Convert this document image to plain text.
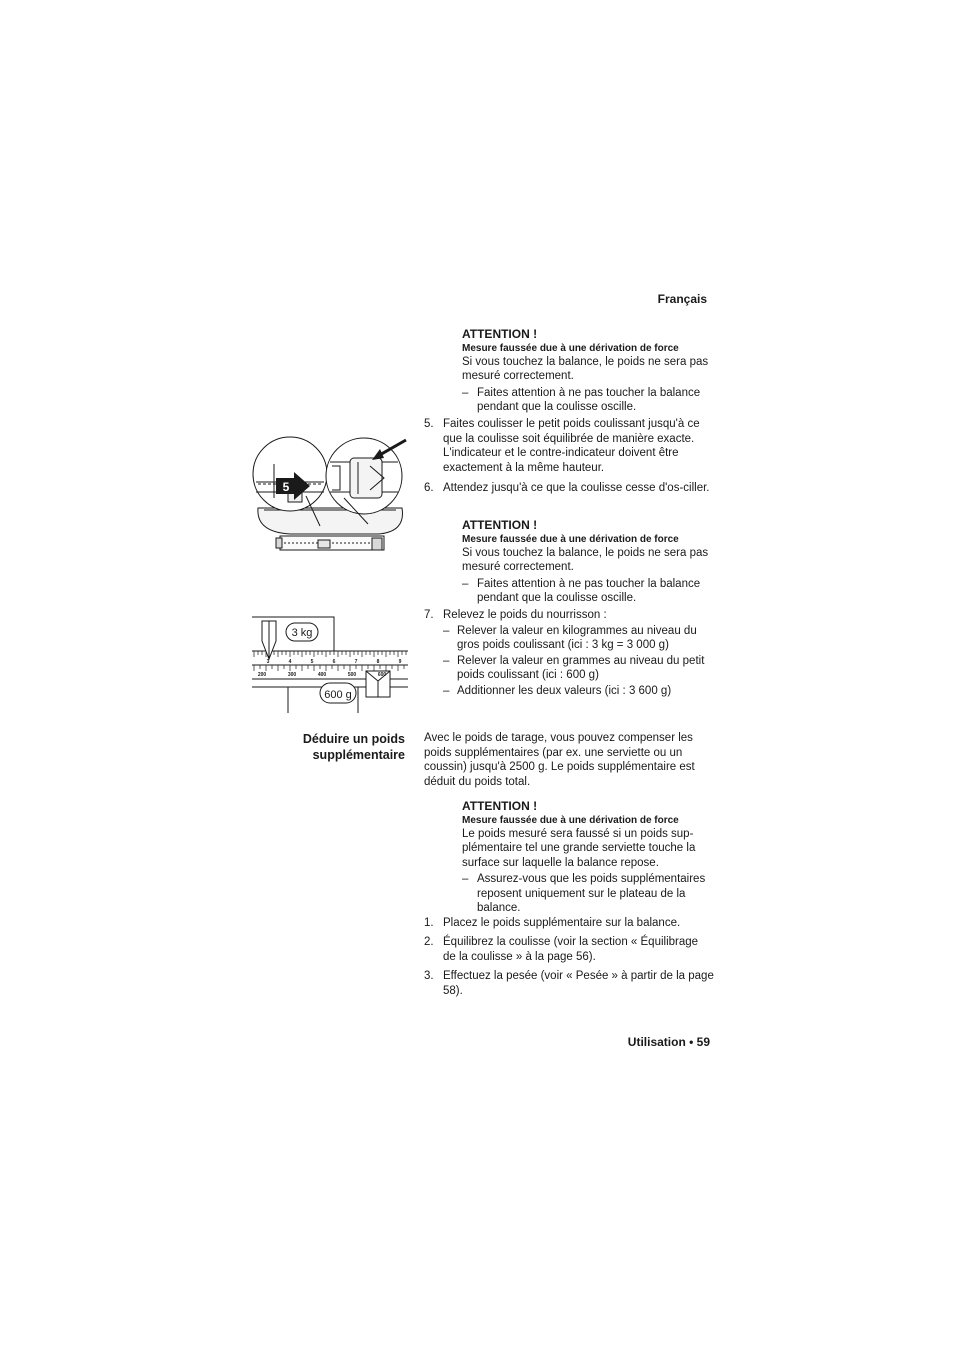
Français
ATTENTION !
Mesure faussée due à une dérivation de force
Si vous touchez la balance, le poids ne sera pas mesuré correctement.
– Faites attention à ne pas toucher la balance pendant que la coulisse oscille.
5. Faites coulisser le petit poids coulissant jusqu'à ce que la coulisse soit équilibrée de manière exacte. L'indicateur et le contre-indicateur doivent être exactement à la même hauteur.
6. Attendez jusqu'à ce que la coulisse cesse d'os-ciller.
ATTENTION !
Mesure faussée due à une dérivation de force
Si vous touchez la balance, le poids ne sera pas mesuré correctement.
– Faites attention à ne pas toucher la balance pendant que la coulisse oscille.
7. Relevez le poids du nourrisson :
– Relever la valeur en kilogrammes au niveau du gros poids coulissant (ici : 3 kg = 3 000 g)
– Relever la valeur en grammes au niveau du petit poids coulissant (ici : 600 g)
– Additionner les deux valeurs (ici : 3 600 g)
5
3 kg
600 g
3	4	5	6	7	8	9
200	300	400	500	600
Déduire un poids
supplémentaire
Avec le poids de tarage, vous pouvez compenser les poids supplémentaires (par ex. une serviette ou un coussin) jusqu'à 2500 g. Le poids supplémentaire est déduit du poids total.
ATTENTION !
Mesure faussée due à une dérivation de force
Le poids mesuré sera faussé si un poids sup-plémentaire tel une grande serviette touche la surface sur laquelle la balance repose.
– Assurez-vous que les poids supplémentaires reposent uniquement sur le plateau de la balance.
1. Placez le poids supplémentaire sur la balance.
2. Équilibrez la coulisse (voir la section « Équilibrage de la coulisse » à la page 56).
3. Effectuez la pesée (voir « Pesée » à partir de la page 58).
Utilisation • 59
